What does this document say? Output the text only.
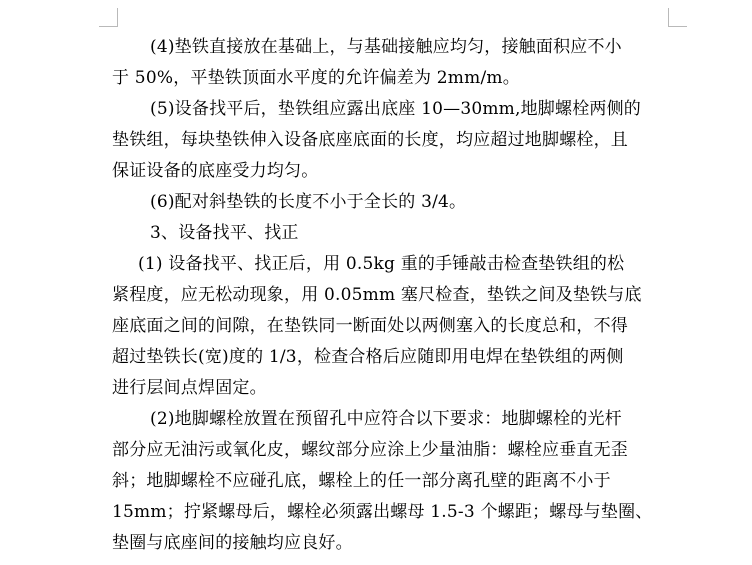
(4)垫铁直接放在基础上，与基础接触应均匀，接触面积应不小
于 50%，平垫铁顶面水平度的允许偏差为 2mm/m。
(5)设备找平后，垫铁组应露出底座 10—30mm,地脚螺栓两侧的
垫铁组，每块垫铁伸入设备底座底面的长度，均应超过地脚螺栓，且
保证设备的底座受力均匀。
(6)配对斜垫铁的长度不小于全长的 3/4。
3、设备找平、找正
(1) 设备找平、找正后，用 0.5kg 重的手锤敲击检查垫铁组的松
紧程度，应无松动现象，用 0.05mm 塞尺检查，垫铁之间及垫铁与底
座底面之间的间隙，在垫铁同一断面处以两侧塞入的长度总和，不得
超过垫铁长(宽)度的 1/3，检查合格后应随即用电焊在垫铁组的两侧
进行层间点焊固定。
(2)地脚螺栓放置在预留孔中应符合以下要求：地脚螺栓的光杆
部分应无油污或氧化皮，螺纹部分应涂上少量油脂：螺栓应垂直无歪
斜；地脚螺栓不应碰孔底，螺栓上的任一部分离孔壁的距离不小于
15mm；拧紧螺母后，螺栓必须露出螺母 1.5-3 个螺距；螺母与垫圈、
垫圈与底座间的接触均应良好。
